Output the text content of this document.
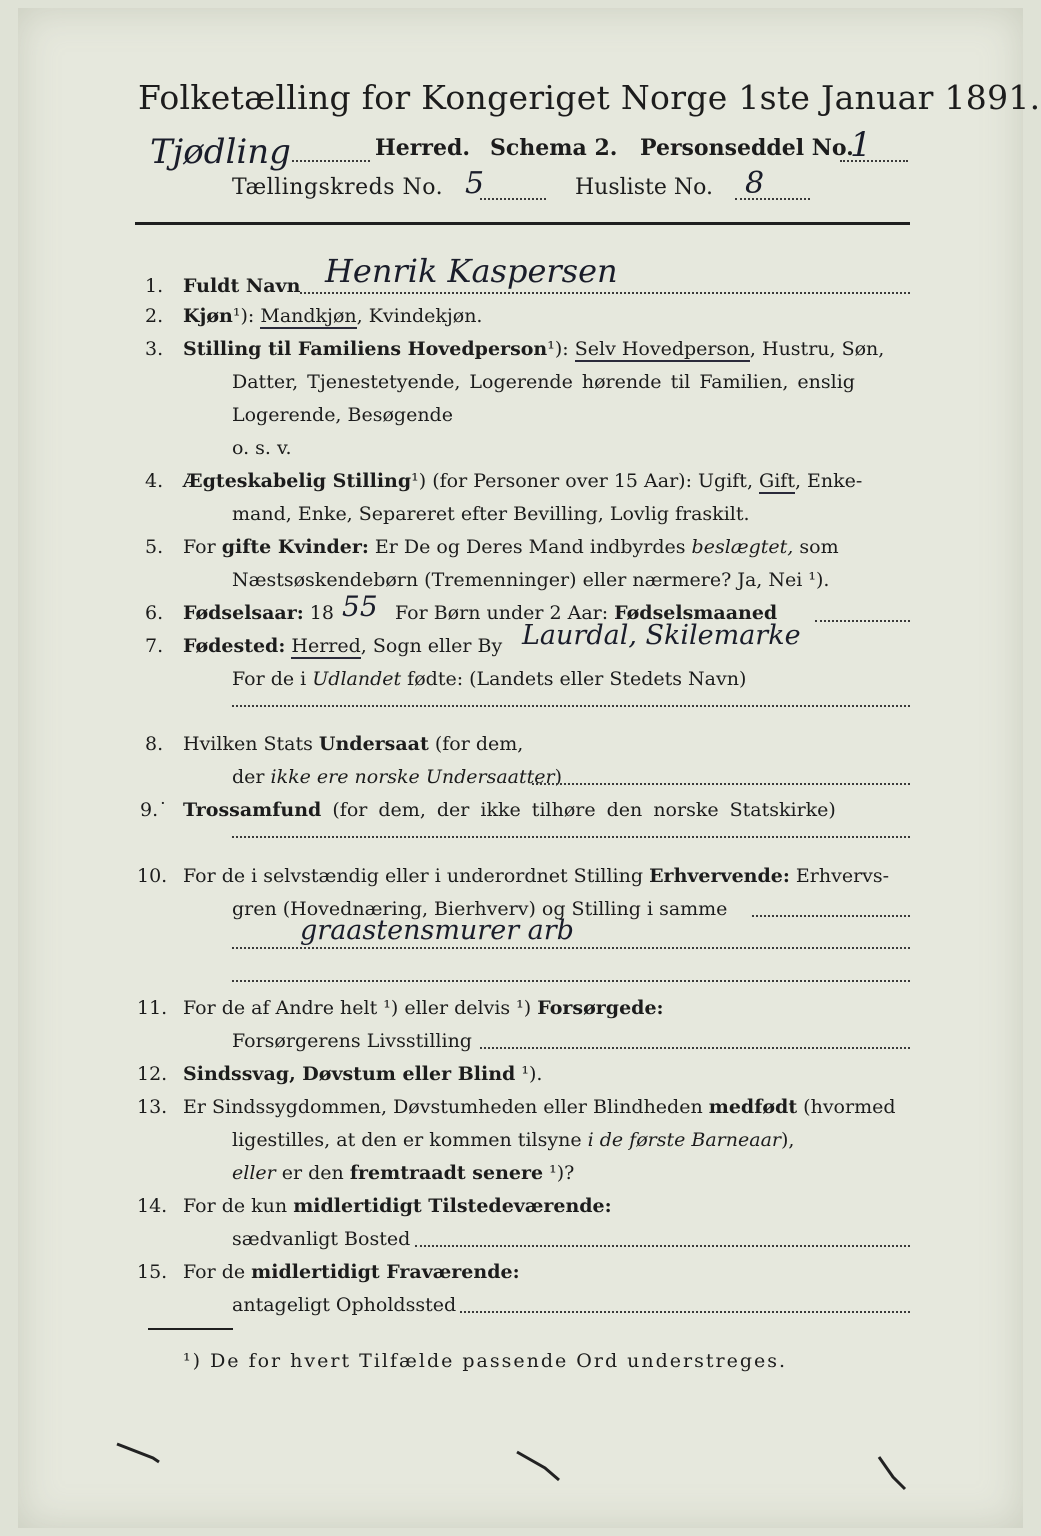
Folketælling for Kongeriget Norge 1ste Januar 1891.
Tjødling	Herred. Schema 2. Personseddel No.
1
Tællingskreds No. 5	Husliste No. 8
1. Fuldt Navn Henrik Kaspersen
2. Kjøn¹): Mandkjøn, Kvindekjøn.
3. Stilling til Familiens Hovedperson¹): Selv Hovedperson, Hustru, Søn,
Datter, Tjenestetyende, Logerende hørende til Familien, enslig
Logerende, Besøgende
o. s. v.
4. Ægteskabelig Stilling¹) (for Personer over 15 Aar): Ugift, Gift, Enke-
mand, Enke, Separeret efter Bevilling, Lovlig fraskilt.
5. For gifte Kvinder: Er De og Deres Mand indbyrdes beslægtet, som
Næstsøskendebørn (Tremenninger) eller nærmere? Ja, Nei ¹).
6. Fødselsaar: 18 55 For Børn under 2 Aar: Fødselsmaaned
7. Fødested: Herred, Sogn eller By Laurdal, Skilemarke
For de i Udlandet fødte: (Landets eller Stedets Navn)
8. Hvilken Stats Undersaat (for dem,
der ikke ere norske Undersaatter)
9.˙ Trossamfund (for dem, der ikke tilhøre den norske Statskirke)
10. For de i selvstændig eller i underordnet Stilling Erhvervende: Erhvervs-
gren (Hovednæring, Bierhverv) og Stilling i samme
graastensmurer arb
11. For de af Andre helt ¹) eller delvis ¹) Forsørgede:
Forsørgerens Livsstilling
12. Sindssvag, Døvstum eller Blind ¹).
13. Er Sindssygdommen, Døvstumheden eller Blindheden medfødt (hvormed
ligestilles, at den er kommen tilsyne i de første Barneaar),
eller er den fremtraadt senere ¹)?
14. For de kun midlertidigt Tilstedeværende:
sædvanligt Bosted
15. For de midlertidigt Fraværende:
antageligt Opholdssted
¹) De for hvert Tilfælde passende Ord understreges.
